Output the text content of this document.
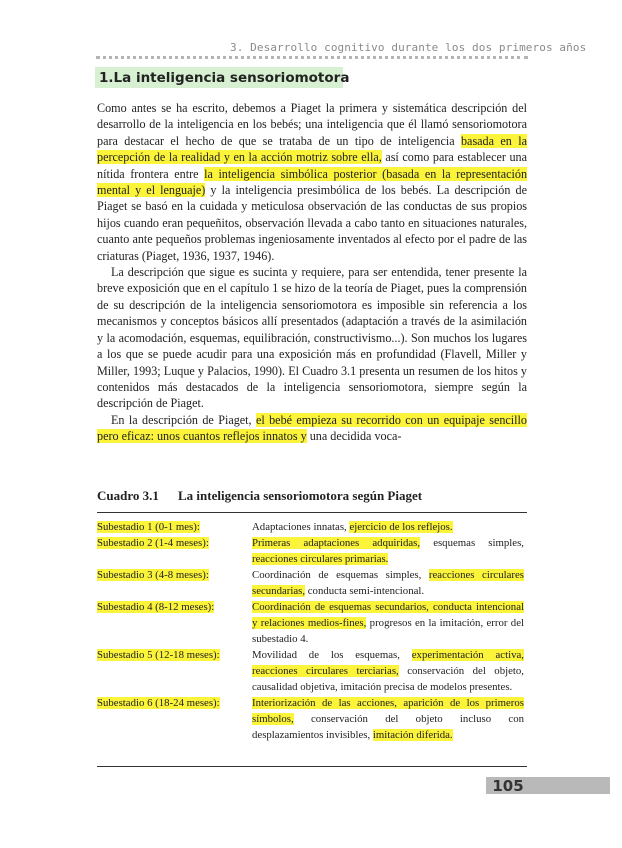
3. Desarrollo cognitivo durante los dos primeros años
1. La inteligencia sensoriomotora

Como antes se ha escrito, debemos a Piaget la primera y sistemática descripción del desarrollo de la inteligencia en los bebés; una inteligencia que él llamó sensoriomotora para destacar el hecho de que se trataba de un tipo de inteligencia basada en la percepción de la realidad y en la acción motriz sobre ella, así como para establecer una nítida frontera entre la inteligencia simbólica posterior (basada en la representación mental y el lenguaje) y la inteligencia presimbólica de los bebés. La descripción de Piaget se basó en la cuidada y meticulosa observación de las conductas de sus propios hijos cuando eran pequeñitos, observación llevada a cabo tanto en situaciones naturales, cuanto ante pequeños problemas ingeniosamente inventados al efecto por el padre de las criaturas (Piaget, 1936, 1937, 1946).

La descripción que sigue es sucinta y requiere, para ser entendida, tener presente la breve exposición que en el capítulo 1 se hizo de la teoría de Piaget, pues la comprensión de su descripción de la inteligencia sensoriomotora es imposible sin referencia a los mecanismos y conceptos básicos allí presentados (adaptación a través de la asimilación y la acomodación, esquemas, equilibración, constructivismo...). Son muchos los lugares a los que se puede acudir para una exposición más en profundidad (Flavell, Miller y Miller, 1993; Luque y Palacios, 1990). El Cuadro 3.1 presenta un resumen de los hitos y contenidos más destacados de la inteligencia sensoriomotora, siempre según la descripción de Piaget.

En la descripción de Piaget, el bebé empieza su recorrido con un equipaje sencillo pero eficaz: unos cuantos reflejos innatos y una decidida voca-

Cuadro 3.1 La inteligencia sensoriomotora según Piaget
Subestadio 1 (0-1 mes):	Adaptaciones innatas, ejercicio de los reflejos.
Subestadio 2 (1-4 meses):	Primeras adaptaciones adquiridas, esquemas simples, reacciones circulares primarias.
Subestadio 3 (4-8 meses):	Coordinación de esquemas simples, reacciones circulares secundarias, conducta semi-intencional.
Subestadio 4 (8-12 meses):	Coordinación de esquemas secundarios, conducta intencional y relaciones medios-fines, progresos en la imitación, error del subestadio 4.
Subestadio 5 (12-18 meses):	Movilidad de los esquemas, experimentación activa, reacciones circulares terciarias, conservación del objeto, causalidad objetiva, imitación precisa de modelos presentes.
Subestadio 6 (18-24 meses):	Interiorización de las acciones, aparición de los primeros símbolos, conservación del objeto incluso con desplazamientos invisibles, imitación diferida.
105
